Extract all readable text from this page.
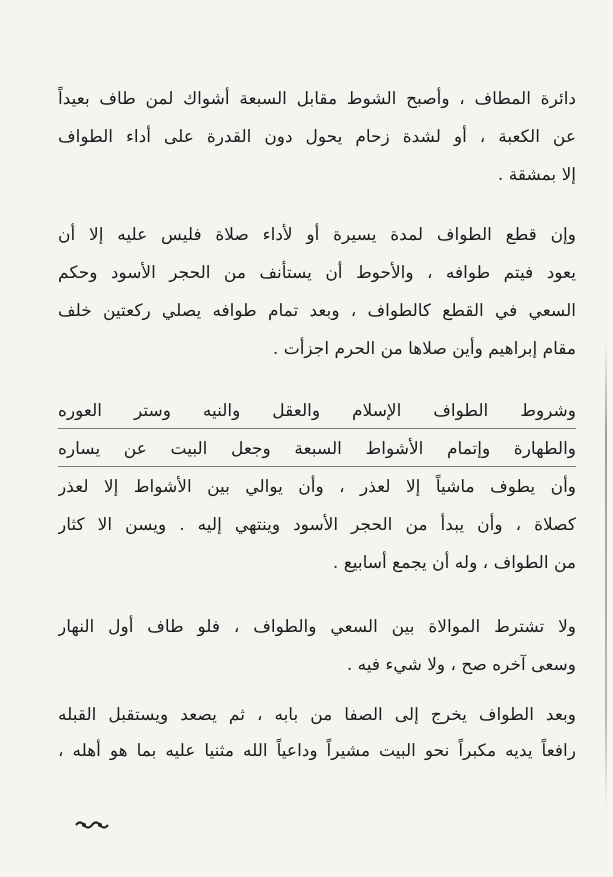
دائرة المطاف ، وأصبح الشوط مقابل السبعة أشواك لمن طاف بعيداً
عن الكعبة ، أو لشدة زحام يحول دون القدرة على أداء الطواف
إلا بمشقة .
وإن قطع الطواف لمدة يسيرة أو لأداء صلاة فليس عليه إلا أن
يعود فيتم طوافه ، والأحوط أن يستأنف من الحجر الأسود وحكم
السعي في القطع كالطواف ، وبعد تمام طوافه يصلي ركعتين خلف
مقام إبراهيم وأين صلاها من الحرم اجزأت .
وشروط الطواف الإسلام والعقل والنيه وستر العوره
والطهارة وإتمام الأشواط السبعة وجعل البيت عن يساره
وأن يطوف ماشياً إلا لعذر ، وأن يوالي بين الأشواط إلا لعذر
كصلاة ، وأن يبدأ من الحجر الأسود وينتهي إليه . ويسن الا كثار
من الطواف ، وله أن يجمع أسابيع .
ولا تشترط الموالاة بين السعي والطواف ، فلو طاف أول النهار
وسعى آخره صح ، ولا شيء فيه .
وبعد الطواف يخرج إلى الصفا من بابه ، ثم يصعد ويستقبل القبله
رافعاً يديه مكبراً نحو البيت مشيراً وداعياً الله مثنيا عليه بما هو أهله ،
